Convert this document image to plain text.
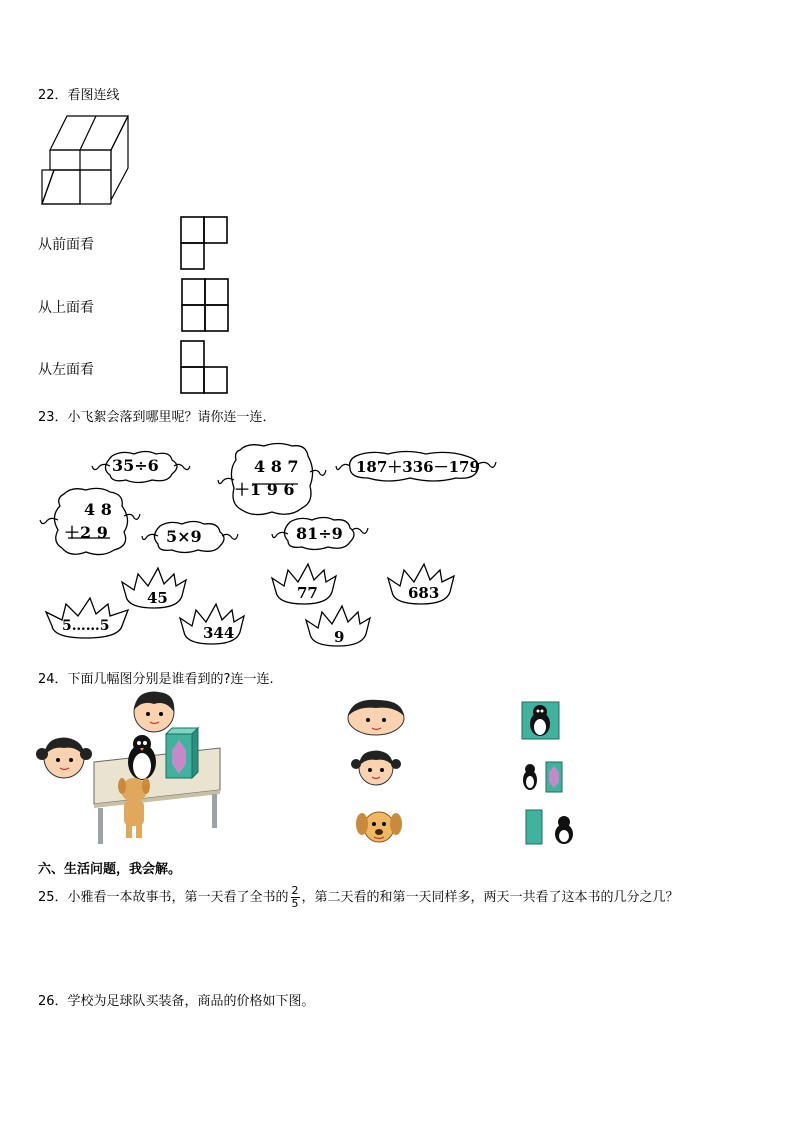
22．看图连线
从前面看
从上面看
从左面看
23．小飞絮会落到哪里呢？请你连一连．
35÷6	4 8 7
＋1 9 6
187＋336－179
4 8
＋2 9	5×9	81÷9
45	77	683
5……5	344	9
24．下面几幅图分别是谁看到的?连一连.
六、生活问题，我会解。
25．小雅看一本故事书，第一天看了全书的 $\frac{2}{5}$ ，第二天看的和第一天同样多，两天一共看了这本书的几分之几？
26．学校为足球队买装备，商品的价格如下图。
